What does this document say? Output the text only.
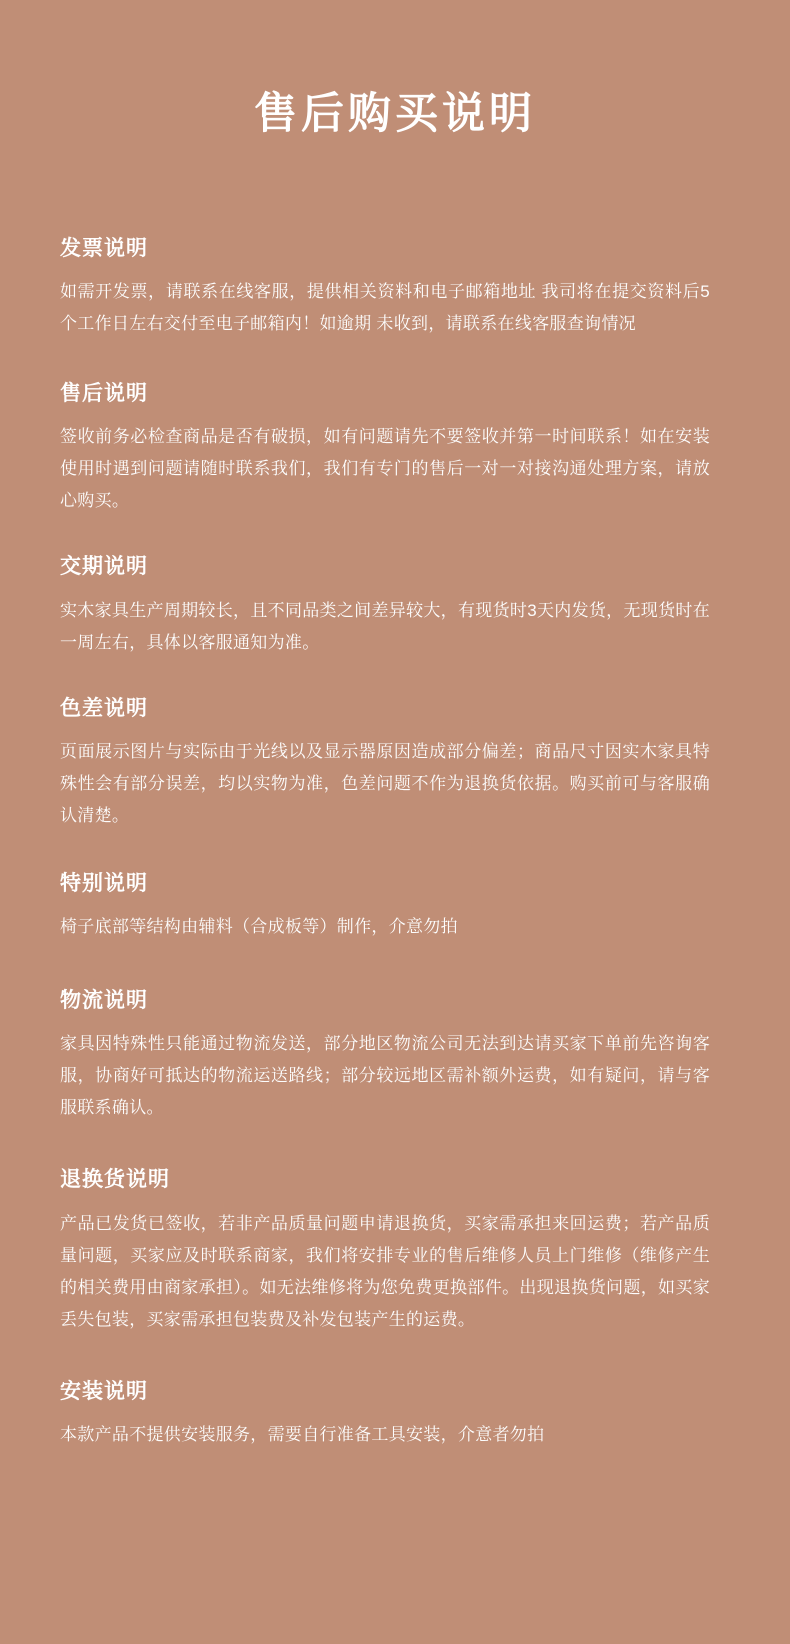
售后购买说明
发票说明

如需开发票，请联系在线客服，提供相关资料和电子邮箱地址 我司将在提交资料后5个工作日左右交付至电子邮箱内！如逾期 未收到，请联系在线客服查询情况

售后说明

签收前务必检查商品是否有破损，如有问题请先不要签收并第一时间联系！如在安装使用时遇到问题请随时联系我们，我们有专门的售后一对一对接沟通处理方案，请放心购买。

交期说明

实木家具生产周期较长，且不同品类之间差异较大，有现货时3天内发货，无现货时在一周左右，具体以客服通知为准。

色差说明

页面展示图片与实际由于光线以及显示器原因造成部分偏差；商品尺寸因实木家具特殊性会有部分误差，均以实物为准，色差问题不作为退换货依据。购买前可与客服确认清楚。

特别说明

椅子底部等结构由辅料（合成板等）制作，介意勿拍

物流说明

家具因特殊性只能通过物流发送，部分地区物流公司无法到达请买家下单前先咨询客服，协商好可抵达的物流运送路线；部分较远地区需补额外运费，如有疑问，请与客服联系确认。

退换货说明

产品已发货已签收，若非产品质量问题申请退换货，买家需承担来回运费；若产品质量问题，买家应及时联系商家，我们将安排专业的售后维修人员上门维修（维修产生的相关费用由商家承担）。如无法维修将为您免费更换部件。出现退换货问题，如买家丢失包装，买家需承担包装费及补发包装产生的运费。

安装说明

本款产品不提供安装服务，需要自行准备工具安装，介意者勿拍
